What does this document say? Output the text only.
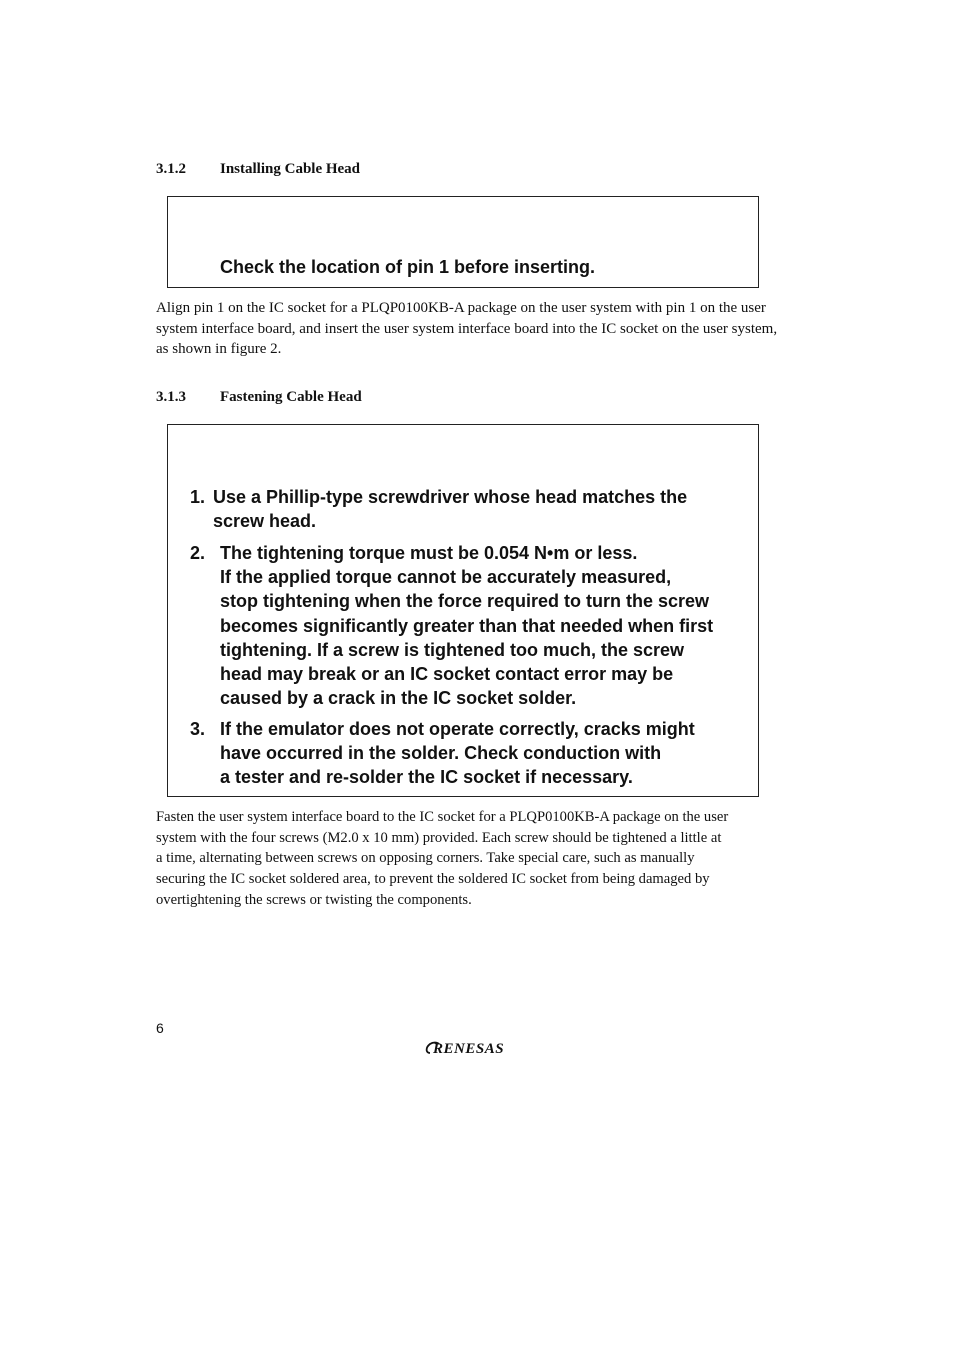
3.1.2 Installing Cable Head
Check the location of pin 1 before inserting.
Align pin 1 on the IC socket for a PLQP0100KB-A package on the user system with pin 1 on the user system interface board, and insert the user system interface board into the IC socket on the user system, as shown in figure 2.
3.1.3 Fastening Cable Head
1. Use a Phillip-type screwdriver whose head matches the
screw head.
2. The tightening torque must be 0.054 N•m or less.
If the applied torque cannot be accurately measured,
stop tightening when the force required to turn the screw
becomes significantly greater than that needed when first
tightening. If a screw is tightened too much, the screw
head may break or an IC socket contact error may be
caused by a crack in the IC socket solder.
3. If the emulator does not operate correctly, cracks might
have occurred in the solder. Check conduction with
a tester and re-solder the IC socket if necessary.
Fasten the user system interface board to the IC socket for a PLQP0100KB-A package on the user
system with the four screws (M2.0 x 10 mm) provided. Each screw should be tightened a little at
a time, alternating between screws on opposing corners. Take special care, such as manually
securing the IC socket soldered area, to prevent the soldered IC socket from being damaged by
overtightening the screws or twisting the components.
6
RENESAS
